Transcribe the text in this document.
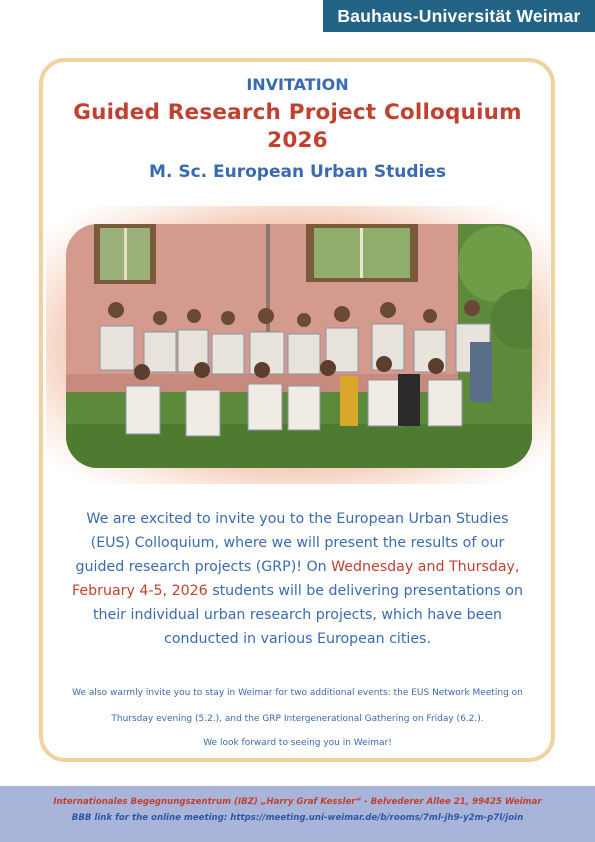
Bauhaus-Universität Weimar
INVITATION
Guided Research Project Colloquium
2026
M. Sc. European Urban Studies
We are excited to invite you to the European Urban Studies (EUS) Colloquium, where we will present the results of our guided research projects (GRP)! On Wednesday and Thursday, February 4-5, 2026 students will be delivering presentations on their individual urban research projects, which have been conducted in various European cities.
We also warmly invite you to stay in Weimar for two additional events: the EUS Network Meeting on
Thursday evening (5.2.), and the GRP Intergenerational Gathering on Friday (6.2.).
We look forward to seeing you in Weimar!
Internationales Begegnungszentrum (IBZ) „Harry Graf Kessler“ - Belvederer Allee 21, 99425 Weimar
BBB link for the online meeting: https://meeting.uni-weimar.de/b/rooms/7ml-jh9-y2m-p7l/join
